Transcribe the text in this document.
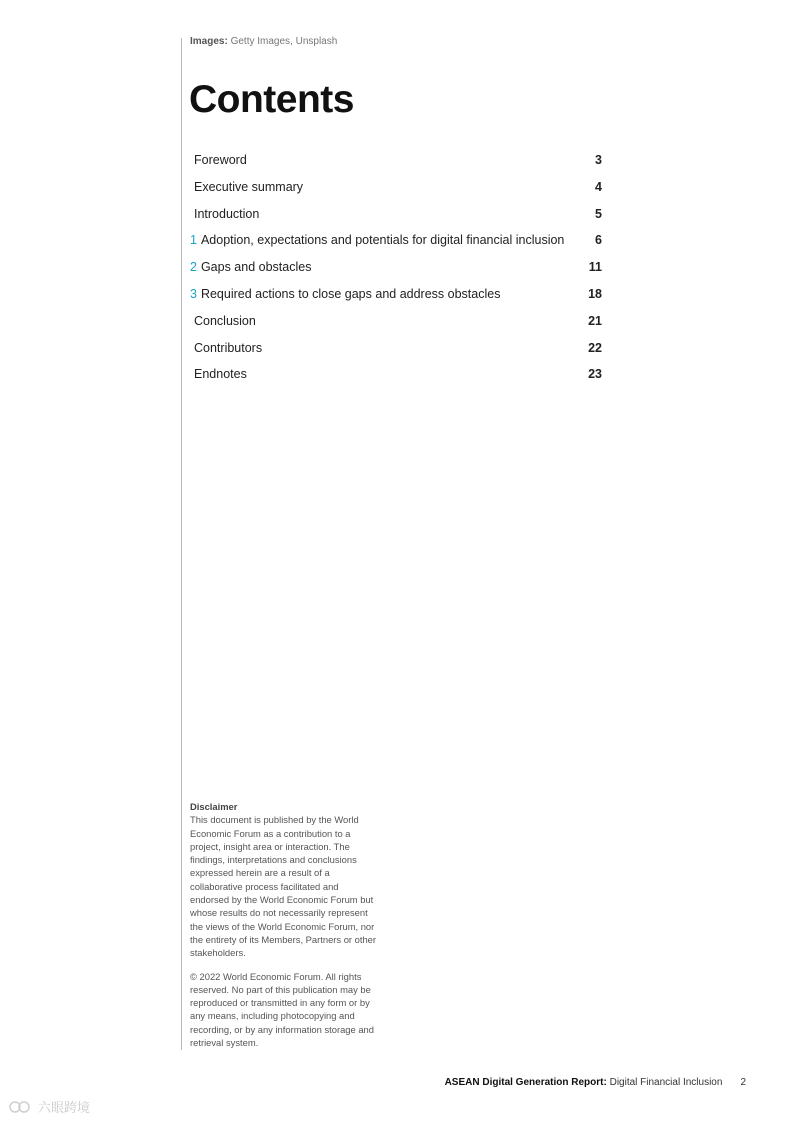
Images: Getty Images, Unsplash
Contents
Foreword	3
Executive summary	4
Introduction	5
1 Adoption, expectations and potentials for digital financial inclusion 6
2 Gaps and obstacles	11
3 Required actions to close gaps and address obstacles	18
Conclusion	21
Contributors	22
Endnotes	23

Disclaimer

This document is published by the World Economic Forum as a contribution to a project, insight area or interaction. The findings, interpretations and conclusions expressed herein are a result of a collaborative process facilitated and endorsed by the World Economic Forum but whose results do not necessarily represent the views of the World Economic Forum, nor the entirety of its Members, Partners or other stakeholders.

© 2022 World Economic Forum. All rights reserved. No part of this publication may be reproduced or transmitted in any form or by any means, including photocopying and recording, or by any information storage and retrieval system.

ASEAN Digital Generation Report: Digital Financial Inclusion 2
六眼跨境
